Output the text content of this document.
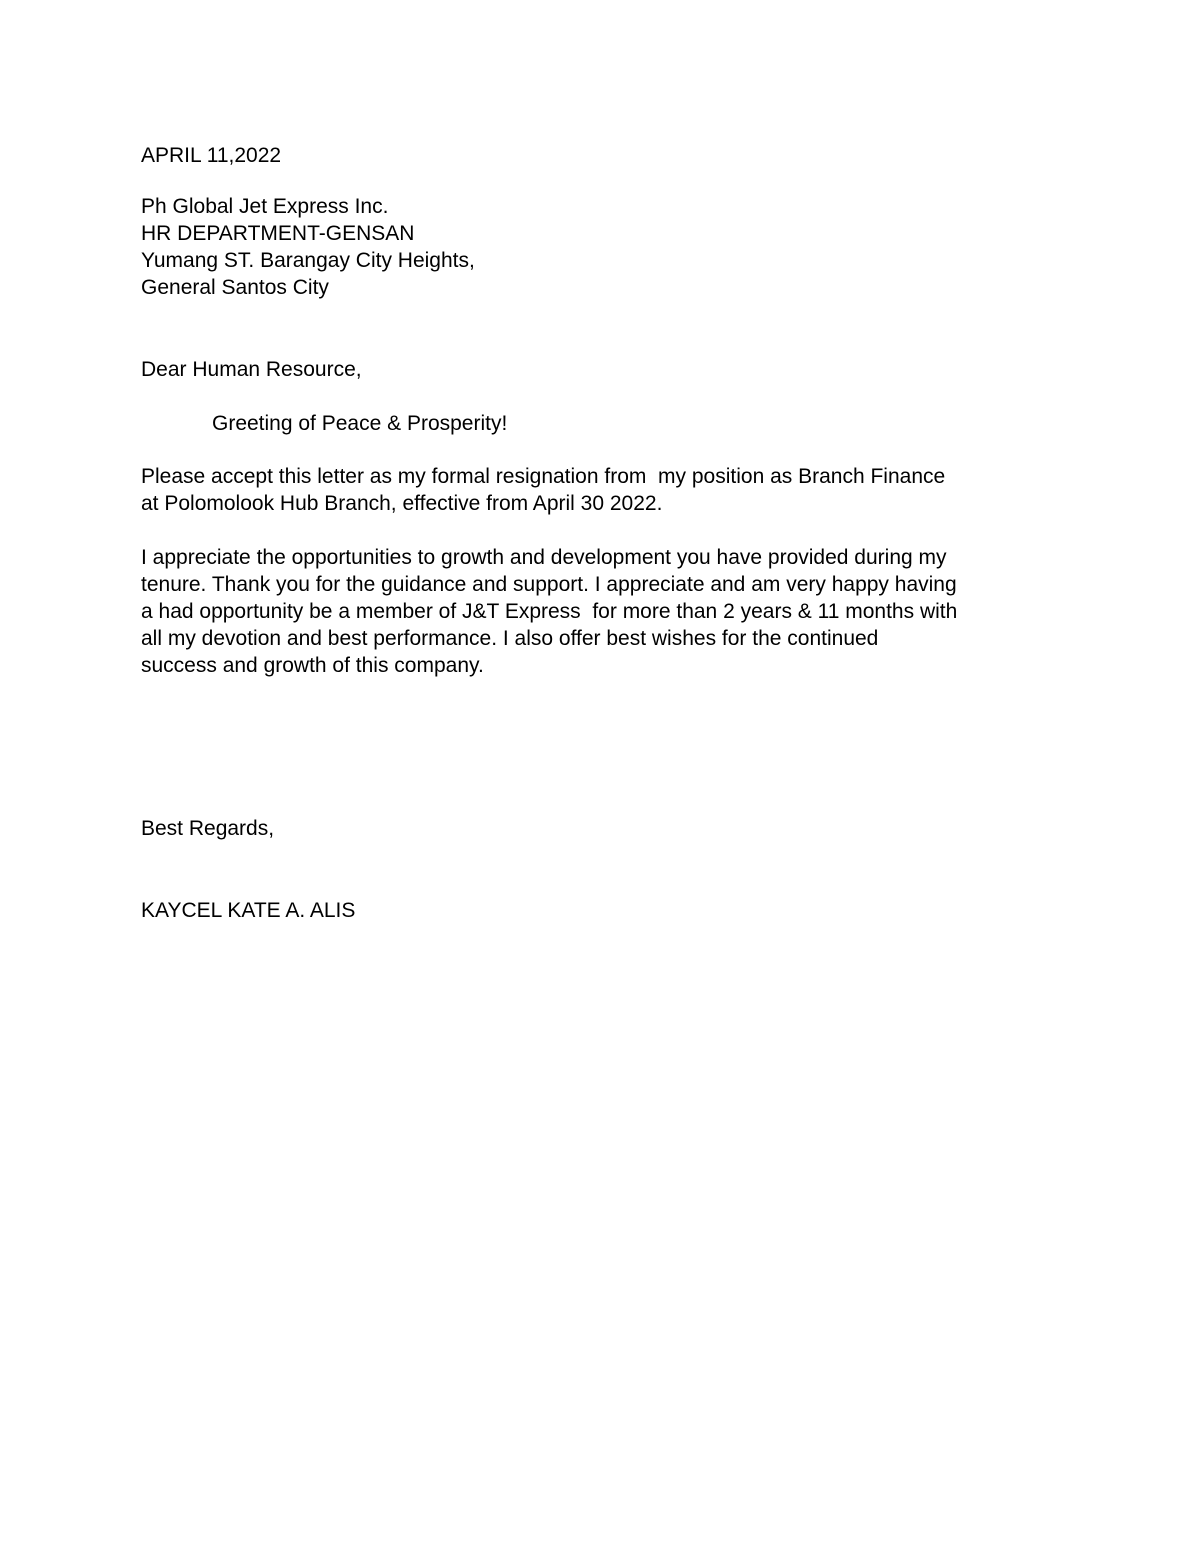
APRIL 11,2022
Ph Global Jet Express Inc.
HR DEPARTMENT-GENSAN
Yumang ST. Barangay City Heights,
General Santos City
Dear Human Resource,
Greeting of Peace & Prosperity!
Please accept this letter as my formal resignation from  my position as Branch Finance
at Polomolook Hub Branch, effective from April 30 2022.
I appreciate the opportunities to growth and development you have provided during my
tenure. Thank you for the guidance and support. I appreciate and am very happy having
a had opportunity be a member of J&T Express  for more than 2 years & 11 months with
all my devotion and best performance. I also offer best wishes for the continued
success and growth of this company.
Best Regards,
KAYCEL KATE A. ALIS
